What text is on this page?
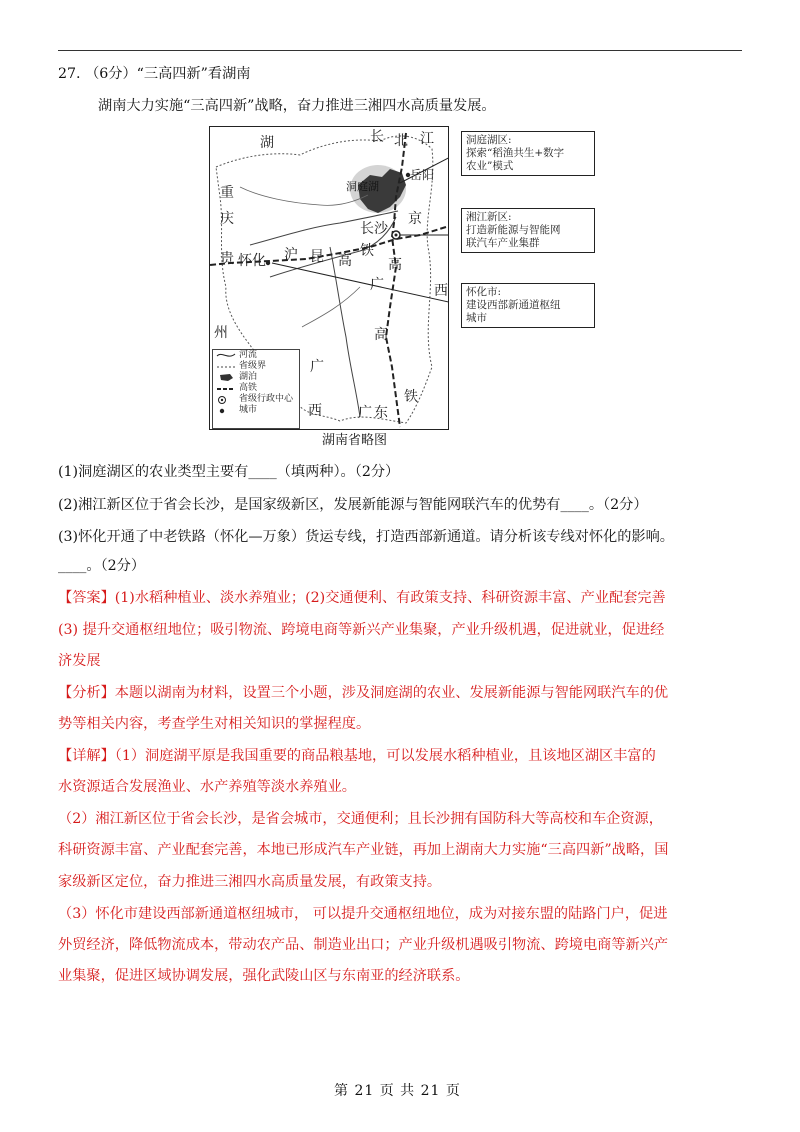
27. （6分）“三高四新”看湖南
湖南大力实施“三高四新”战略，奋力推进三湘四水高质量发展。
湖	长 北 江
重
庆
贵
州
洞庭湖
岳阳
京
长沙
铁
怀化 沪 昆 高	高
广	西
高
广
西	广 东
铁
河流
省级界
湖泊
高铁
省级行政中心
城市
洞庭湖区:
探索“稻渔共生+数字
农业”模式
湘江新区:
打造新能源与智能网
联汽车产业集群
怀化市:
建设西部新通道枢纽
城市
湖南省略图
(1)洞庭湖区的农业类型主要有____（填两种）。（2分）
(2)湘江新区位于省会长沙，是国家级新区，发展新能源与智能网联汽车的优势有____。（2分）
(3)怀化开通了中老铁路（怀化—万象）货运专线，打造西部新通道。请分析该专线对怀化的影响。
____。（2分）
【答案】(1)水稻种植业、淡水养殖业；(2)交通便利、有政策支持、科研资源丰富、产业配套完善
(3) 提升交通枢纽地位；吸引物流、跨境电商等新兴产业集聚，产业升级机遇，促进就业，促进经
济发展
【分析】本题以湖南为材料，设置三个小题，涉及洞庭湖的农业、发展新能源与智能网联汽车的优
势等相关内容，考查学生对相关知识的掌握程度。
【详解】（1）洞庭湖平原是我国重要的商品粮基地，可以发展水稻种植业，且该地区湖区丰富的
水资源适合发展渔业、水产养殖等淡水养殖业。
（2）湘江新区位于省会长沙，是省会城市，交通便利；且长沙拥有国防科大等高校和车企资源，
科研资源丰富、产业配套完善，本地已形成汽车产业链，再加上湖南大力实施“三高四新”战略，国
家级新区定位，奋力推进三湘四水高质量发展，有政策支持。
（3）怀化市建设西部新通道枢纽城市， 可以提升交通枢纽地位，成为对接东盟的陆路门户，促进
外贸经济，降低物流成本，带动农产品、制造业出口；产业升级机遇吸引物流、跨境电商等新兴产
业集聚，促进区域协调发展，强化武陵山区与东南亚的经济联系。
第 21 页 共 21 页
